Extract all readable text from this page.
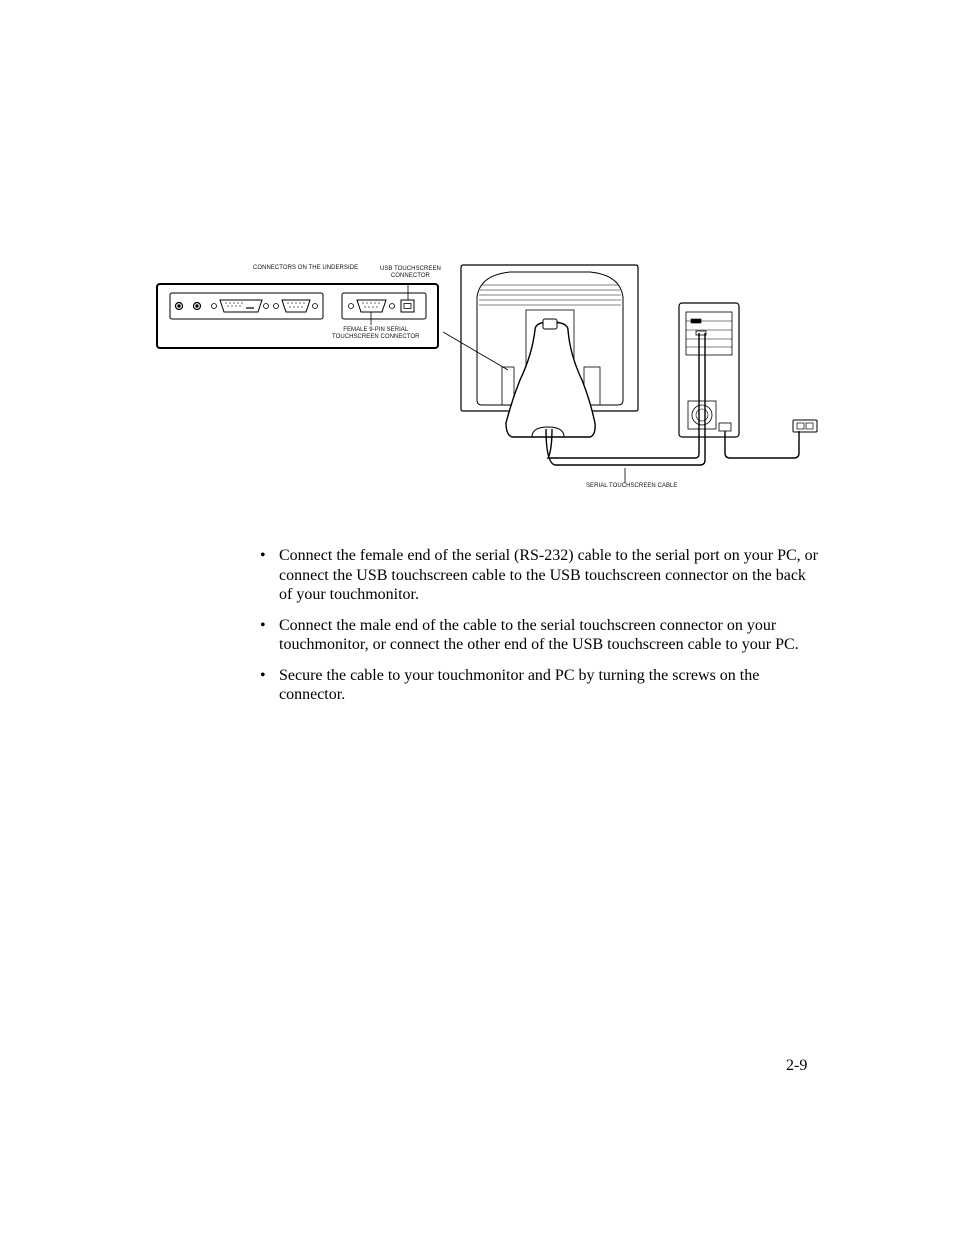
CONNECTORS ON THE UNDERSIDE	USB TOUCHSCREEN
CONNECTOR
FEMALE 9-PIN SERIAL
TOUCHSCREEN CONNECTOR
SERIAL TOUCHSCREEN CABLE
• Connect the female end of the serial (RS-232) cable to the serial port on your PC, or connect the USB touchscreen cable to the USB touchscreen connector on the back of your touchmonitor.
• Connect the male end of the cable to the serial touchscreen connector on your touchmonitor, or connect the other end of the USB touchscreen cable to your PC.
• Secure the cable to your touchmonitor and PC by turning the screws on the connector.
2-9
